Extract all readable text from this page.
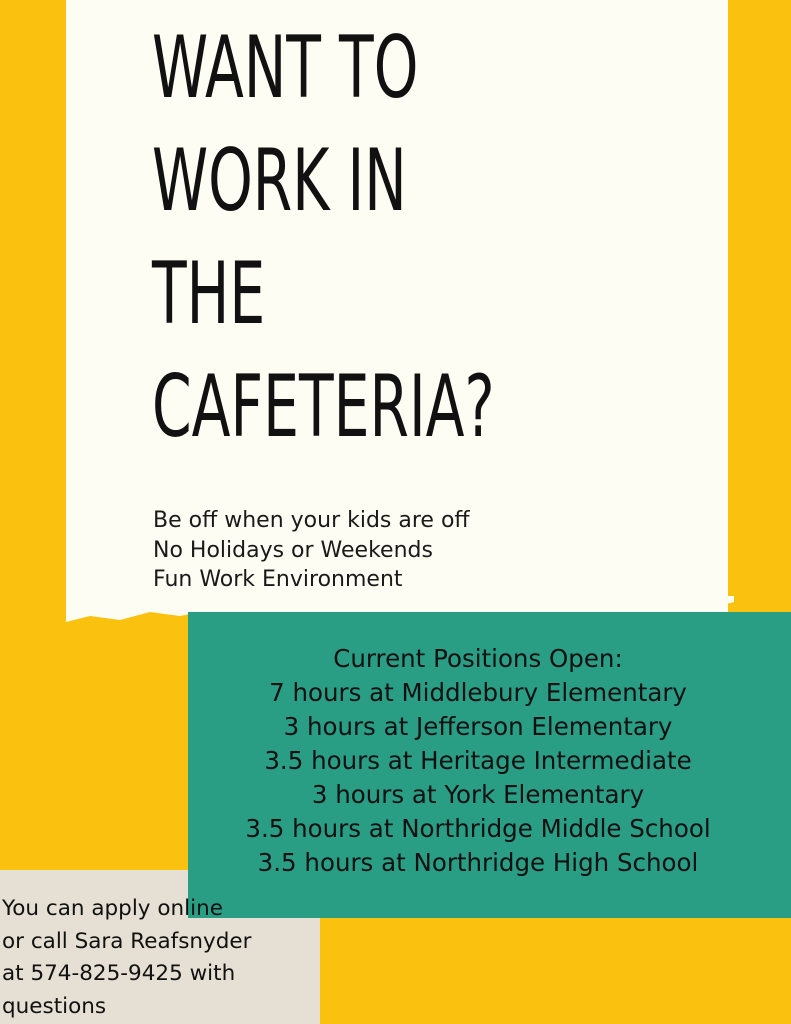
WANT TO
WORK IN
THE
CAFETERIA?
Be off when your kids are off
No Holidays or Weekends
Fun Work Environment
Current Positions Open:
7 hours at Middlebury Elementary
3 hours at Jefferson Elementary
3.5 hours at Heritage Intermediate
3 hours at York Elementary
3.5 hours at Northridge Middle School
3.5 hours at Northridge High School
You can apply online
or call Sara Reafsnyder
at 574-825-9425 with
questions
